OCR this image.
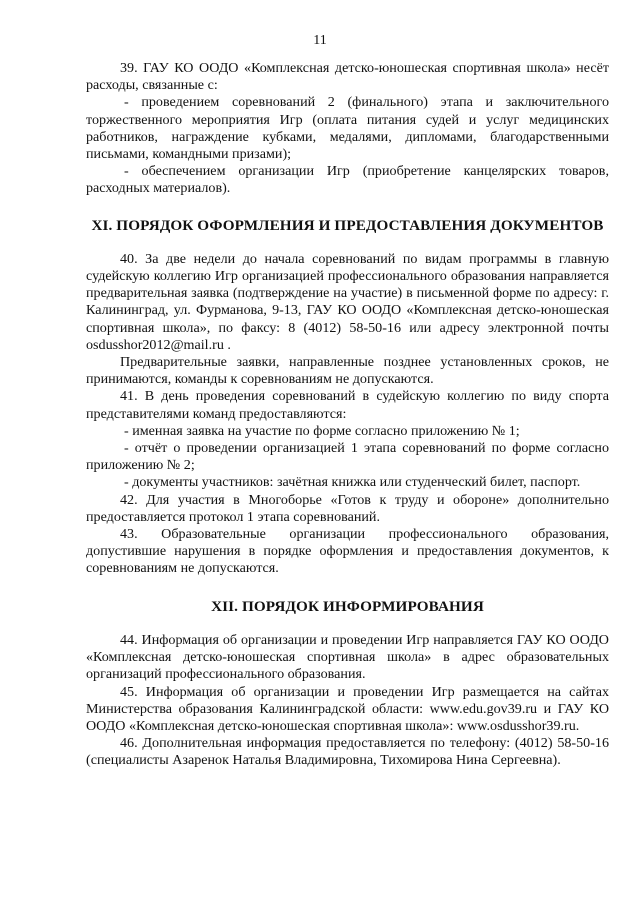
11

39. ГАУ КО ООДО «Комплексная детско-юношеская спортивная школа» несёт расходы, связанные с:

- проведением соревнований 2 (финального) этапа и заключительного торжественного мероприятия Игр (оплата питания судей и услуг медицинских работников, награждение кубками, медалями, дипломами, благодарственными письмами, командными призами);

- обеспечением организации Игр (приобретение канцелярских товаров, расходных материалов).

XI. ПОРЯДОК ОФОРМЛЕНИЯ И ПРЕДОСТАВЛЕНИЯ ДОКУМЕНТОВ

40. За две недели до начала соревнований по видам программы в главную судейскую коллегию Игр организацией профессионального образования направляется предварительная заявка (подтверждение на участие) в письменной форме по адресу: г. Калининград, ул. Фурманова, 9-13, ГАУ КО ООДО «Комплексная детско-юношеская спортивная школа», по факсу: 8 (4012) 58-50-16 или адресу электронной почты osdusshor2012@mail.ru .

Предварительные заявки, направленные позднее установленных сроков, не принимаются, команды к соревнованиям не допускаются.

41. В день проведения соревнований в судейскую коллегию по виду спорта представителями команд предоставляются:

- именная заявка на участие по форме согласно приложению № 1;

- отчёт о проведении организацией 1 этапа соревнований по форме согласно приложению № 2;

- документы участников: зачётная книжка или студенческий билет, паспорт.

42. Для участия в Многоборье «Готов к труду и обороне» дополнительно предоставляется протокол 1 этапа соревнований.

43. Образовательные организации профессионального образования, допустившие нарушения в порядке оформления и предоставления документов, к соревнованиям не допускаются.

XII. ПОРЯДОК ИНФОРМИРОВАНИЯ

44. Информация об организации и проведении Игр направляется ГАУ КО ООДО «Комплексная детско-юношеская спортивная школа» в адрес образовательных организаций профессионального образования.

45. Информация об организации и проведении Игр размещается на сайтах Министерства образования Калининградской области: www.edu.gov39.ru и ГАУ КО ООДО «Комплексная детско-юношеская спортивная школа»: www.osdusshor39.ru.

46. Дополнительная информация предоставляется по телефону: (4012) 58-50-16 (специалисты Азаренок Наталья Владимировна, Тихомирова Нина Сергеевна).
